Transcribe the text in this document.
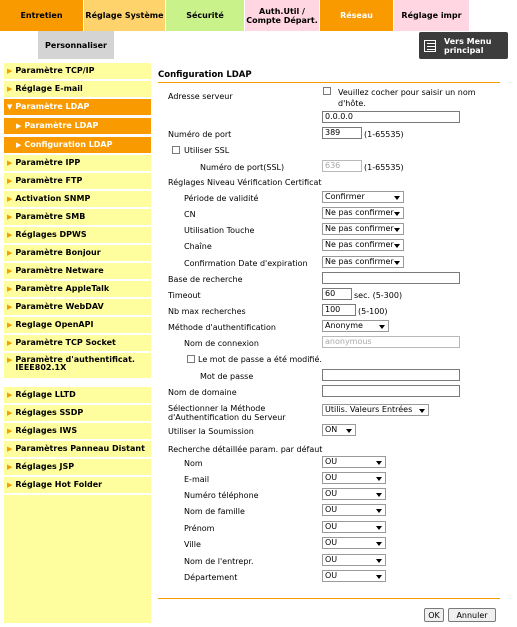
Entretien	Réglage Système	Sécurité	Auth.Util / Compte Départ.	Réseau	Réglage impr
Personnaliser	Vers Menu principal
▶ Paramètre TCP/IP
▶ Réglage E-mail
▼ Paramètre LDAP
▶ Paramètre LDAP
▶ Configuration LDAP
▶ Paramètre IPP
▶ Paramètre FTP
▶ Activation SNMP
▶ Paramètre SMB
▶ Réglages DPWS
▶ Paramètre Bonjour
▶ Paramètre Netware
▶ Paramètre AppleTalk
▶ Paramètre WebDAV
▶ Reglage OpenAPI
▶ Paramètre TCP Socket
▶ Paramètre d'authentificat. IEEE802.1X
▶ Réglage LLTD
▶ Réglages SSDP
▶ Réglages IWS
▶ Paramètres Panneau Distant
▶ Réglages JSP
▶ Réglage Hot Folder
Configuration LDAP
Adresse serveur	Veuillez cocher pour saisir un nom d'hôte.
0.0.0.0
Numéro de port	389	(1-65535)
Utiliser SSL
Numéro de port(SSL)	636	(1-65535)
Réglages Niveau Vérification Certificat
Période de validité	Confirmer
CN	Ne pas confirmer
Utilisation Touche	Ne pas confirmer
Chaîne	Ne pas confirmer
Confirmation Date d'expiration	Ne pas confirmer
Base de recherche
Timeout	60	sec. (5-300)
Nb max recherches	100	(5-100)
Méthode d'authentification	Anonyme
Nom de connexion	anonymous
Le mot de passe a été modifié.
Mot de passe
Nom de domaine
Sélectionner la Méthode
d'Authentification du Serveur
Utilis. Valeurs Entrées
Utiliser la Soumission	ON
Recherche détaillée param. par défaut
Nom	OU
E-mail	OU
Numéro téléphone	OU
Nom de famille	OU
Prénom	OU
Ville	OU
Nom de l'entrepr.	OU
Département	OU
OK	Annuler
